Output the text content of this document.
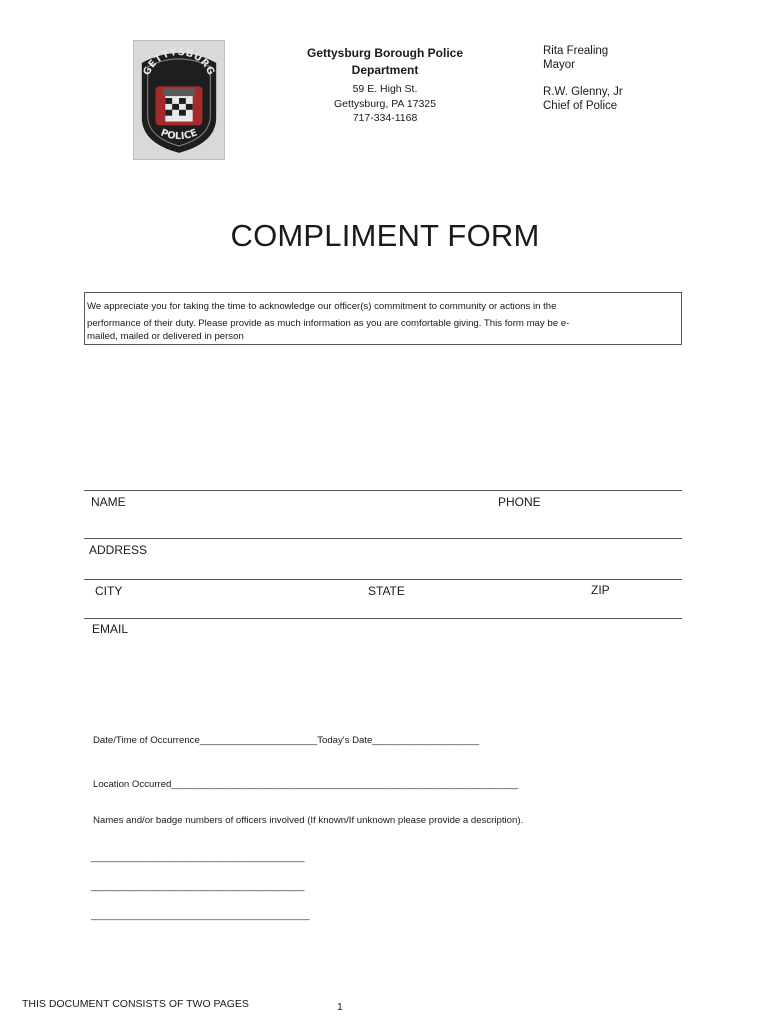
GETTYSBURG
POLICE
Gettysburg Borough Police
Department
59 E. High St.
Gettysburg, PA 17325
717-334-1168
Rita Frealing
Mayor
R.W. Glenny, Jr
Chief of Police
COMPLIMENT FORM
We appreciate you for taking the time to acknowledge our officer(s) commitment to community or actions in the
performance of their duty. Please provide as much information as you are comfortable giving. This form may be e-
mailed, mailed or delivered in person
NAME	PHONE
ADDRESS
CITY	STATE	ZIP
EMAIL
Date/Time of Occurrence______________________Today's Date____________________
Location Occurred_________________________________________________________________
Names and/or badge numbers of officers involved (If known/If unknown please provide a description).
________________________________________
________________________________________
_________________________________________
THIS DOCUMENT CONSISTS OF TWO PAGES	1
